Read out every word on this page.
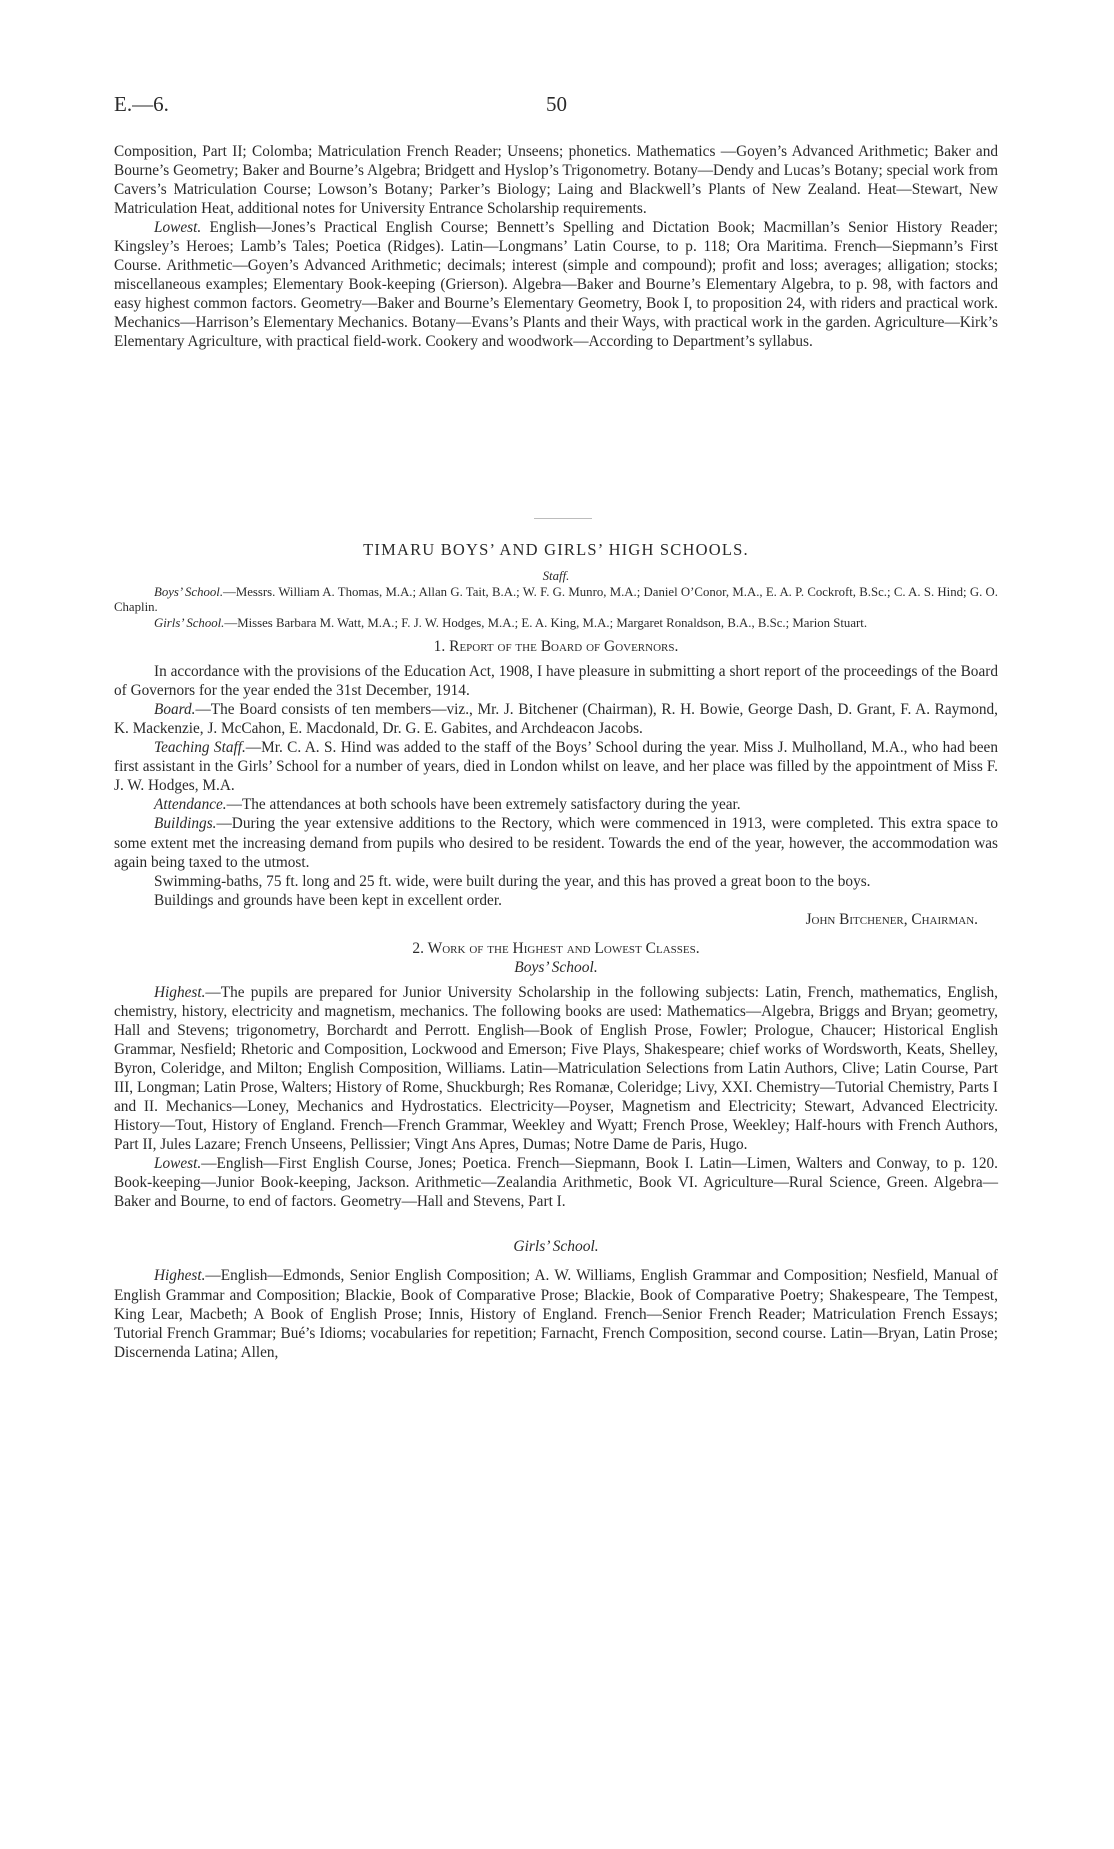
E.—6.	50

Composition, Part II; Colomba; Matriculation French Reader; Unseens; phonetics. Mathematics —Goyen’s Advanced Arithmetic; Baker and Bourne’s Geometry; Baker and Bourne’s Algebra; Bridgett and Hyslop’s Trigonometry. Botany—Dendy and Lucas’s Botany; special work from Cavers’s Matriculation Course; Lowson’s Botany; Parker’s Biology; Laing and Blackwell’s Plants of New Zealand. Heat—Stewart, New Matriculation Heat, additional notes for University Entrance Scholarship requirements.

Lowest. English—Jones’s Practical English Course; Bennett’s Spelling and Dictation Book; Macmillan’s Senior History Reader; Kingsley’s Heroes; Lamb’s Tales; Poetica (Ridges). Latin—Longmans’ Latin Course, to p. 118; Ora Maritima. French—Siepmann’s First Course. Arithmetic—Goyen’s Advanced Arithmetic; decimals; interest (simple and compound); profit and loss; averages; alligation; stocks; miscellaneous examples; Elementary Book-keeping (Grierson). Algebra—Baker and Bourne’s Elementary Algebra, to p. 98, with factors and easy highest common factors. Geometry—Baker and Bourne’s Elementary Geometry, Book I, to proposition 24, with riders and practical work. Mechanics—Harrison’s Elementary Mechanics. Botany—Evans’s Plants and their Ways, with practical work in the garden. Agriculture—Kirk’s Elementary Agriculture, with practical field-work. Cookery and woodwork—According to Department’s syllabus.

TIMARU BOYS’ AND GIRLS’ HIGH SCHOOLS.
Staff.
Boys’ School.—Messrs. William A. Thomas, M.A.; Allan G. Tait, B.A.; W. F. G. Munro, M.A.; Daniel O’Conor, M.A., E. A. P. Cockroft, B.Sc.; C. A. S. Hind; G. O. Chaplin.
Girls’ School.—Misses Barbara M. Watt, M.A.; F. J. W. Hodges, M.A.; E. A. King, M.A.; Margaret Ronaldson, B.A., B.Sc.; Marion Stuart.
1. Report of the Board of Governors.

In accordance with the provisions of the Education Act, 1908, I have pleasure in submitting a short report of the proceedings of the Board of Governors for the year ended the 31st December, 1914.

Board.—The Board consists of ten members—viz., Mr. J. Bitchener (Chairman), R. H. Bowie, George Dash, D. Grant, F. A. Raymond, K. Mackenzie, J. McCahon, E. Macdonald, Dr. G. E. Gabites, and Archdeacon Jacobs.

Teaching Staff.—Mr. C. A. S. Hind was added to the staff of the Boys’ School during the year. Miss J. Mulholland, M.A., who had been first assistant in the Girls’ School for a number of years, died in London whilst on leave, and her place was filled by the appointment of Miss F. J. W. Hodges, M.A.

Attendance.—The attendances at both schools have been extremely satisfactory during the year.

Buildings.—During the year extensive additions to the Rectory, which were commenced in 1913, were completed. This extra space to some extent met the increasing demand from pupils who desired to be resident. Towards the end of the year, however, the accommodation was again being taxed to the utmost.

Swimming-baths, 75 ft. long and 25 ft. wide, were built during the year, and this has proved a great boon to the boys.

Buildings and grounds have been kept in excellent order.

John Bitchener, Chairman.

2. Work of the Highest and Lowest Classes.
Boys’ School.

Highest.—The pupils are prepared for Junior University Scholarship in the following subjects: Latin, French, mathematics, English, chemistry, history, electricity and magnetism, mechanics. The following books are used: Mathematics—Algebra, Briggs and Bryan; geometry, Hall and Stevens; trigonometry, Borchardt and Perrott. English—Book of English Prose, Fowler; Prologue, Chaucer; Historical English Grammar, Nesfield; Rhetoric and Composition, Lockwood and Emerson; Five Plays, Shakespeare; chief works of Wordsworth, Keats, Shelley, Byron, Coleridge, and Milton; English Composition, Williams. Latin—Matriculation Selections from Latin Authors, Clive; Latin Course, Part III, Longman; Latin Prose, Walters; History of Rome, Shuckburgh; Res Romanæ, Coleridge; Livy, XXI. Chemistry—Tutorial Chemistry, Parts I and II. Mechanics—Loney, Mechanics and Hydrostatics. Electricity—Poyser, Magnetism and Electricity; Stewart, Advanced Electricity. History—Tout, History of England. French—French Grammar, Weekley and Wyatt; French Prose, Weekley; Half-hours with French Authors, Part II, Jules Lazare; French Unseens, Pellissier; Vingt Ans Apres, Dumas; Notre Dame de Paris, Hugo.

Lowest.—English—First English Course, Jones; Poetica. French—Siepmann, Book I. Latin—Limen, Walters and Conway, to p. 120. Book-keeping—Junior Book-keeping, Jackson. Arithmetic—Zealandia Arithmetic, Book VI. Agriculture—Rural Science, Green. Algebra—Baker and Bourne, to end of factors. Geometry—Hall and Stevens, Part I.

Girls’ School.

Highest.—English—Edmonds, Senior English Composition; A. W. Williams, English Grammar and Composition; Nesfield, Manual of English Grammar and Composition; Blackie, Book of Comparative Prose; Blackie, Book of Comparative Poetry; Shakespeare, The Tempest, King Lear, Macbeth; A Book of English Prose; Innis, History of England. French—Senior French Reader; Matriculation French Essays; Tutorial French Grammar; Bué’s Idioms; vocabularies for repetition; Farnacht, French Composition, second course. Latin—Bryan, Latin Prose; Discernenda Latina; Allen,
